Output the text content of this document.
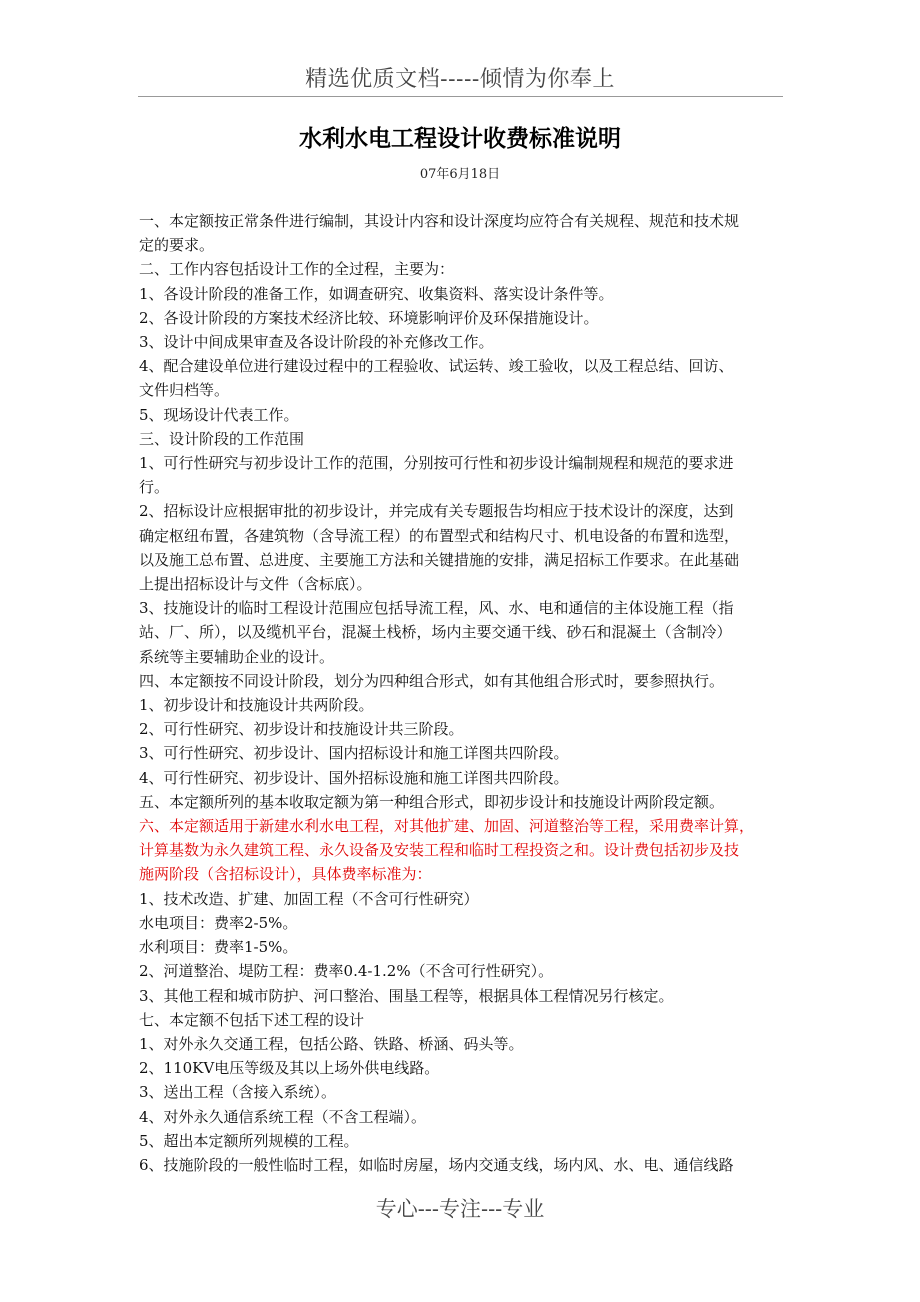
精选优质文档-----倾情为你奉上
水利水电工程设计收费标准说明
07年6月18日

一、本定额按正常条件进行编制，其设计内容和设计深度均应符合有关规程、规范和技术规

定的要求。

二、工作内容包括设计工作的全过程，主要为：

1、各设计阶段的准备工作，如调查研究、收集资料、落实设计条件等。

2、各设计阶段的方案技术经济比较、环境影响评价及环保措施设计。

3、设计中间成果审查及各设计阶段的补充修改工作。

4、配合建设单位进行建设过程中的工程验收、试运转、竣工验收，以及工程总结、回访、

文件归档等。

5、现场设计代表工作。

三、设计阶段的工作范围

1、可行性研究与初步设计工作的范围，分别按可行性和初步设计编制规程和规范的要求进

行。

2、招标设计应根据审批的初步设计，并完成有关专题报告均相应于技术设计的深度，达到

确定枢纽布置，各建筑物（含导流工程）的布置型式和结构尺寸、机电设备的布置和选型，

以及施工总布置、总进度、主要施工方法和关键措施的安排，满足招标工作要求。在此基础

上提出招标设计与文件（含标底）。

3、技施设计的临时工程设计范围应包括导流工程，风、水、电和通信的主体设施工程（指

站、厂、所），以及缆机平台，混凝土栈桥，场内主要交通干线、砂石和混凝土（含制冷）

系统等主要辅助企业的设计。

四、本定额按不同设计阶段，划分为四种组合形式，如有其他组合形式时，要参照执行。

1、初步设计和技施设计共两阶段。

2、可行性研究、初步设计和技施设计共三阶段。

3、可行性研究、初步设计、国内招标设计和施工详图共四阶段。

4、可行性研究、初步设计、国外招标设施和施工详图共四阶段。

五、本定额所列的基本收取定额为第一种组合形式，即初步设计和技施设计两阶段定额。

六、本定额适用于新建水利水电工程，对其他扩建、加固、河道整治等工程，采用费率计算，

计算基数为永久建筑工程、永久设备及安装工程和临时工程投资之和。设计费包括初步及技

施两阶段（含招标设计），具体费率标准为：

1、技术改造、扩建、加固工程（不含可行性研究）

水电项目：费率2-5%。

水利项目：费率1-5%。

2、河道整治、堤防工程：费率0.4-1.2%（不含可行性研究）。

3、其他工程和城市防护、河口整治、围垦工程等，根据具体工程情况另行核定。

七、本定额不包括下述工程的设计

1、对外永久交通工程，包括公路、铁路、桥涵、码头等。

2、110KV电压等级及其以上场外供电线路。

3、送出工程（含接入系统）。

4、对外永久通信系统工程（不含工程端）。

5、超出本定额所列规模的工程。

6、技施阶段的一般性临时工程，如临时房屋，场内交通支线，场内风、水、电、通信线路

专心---专注---专业
